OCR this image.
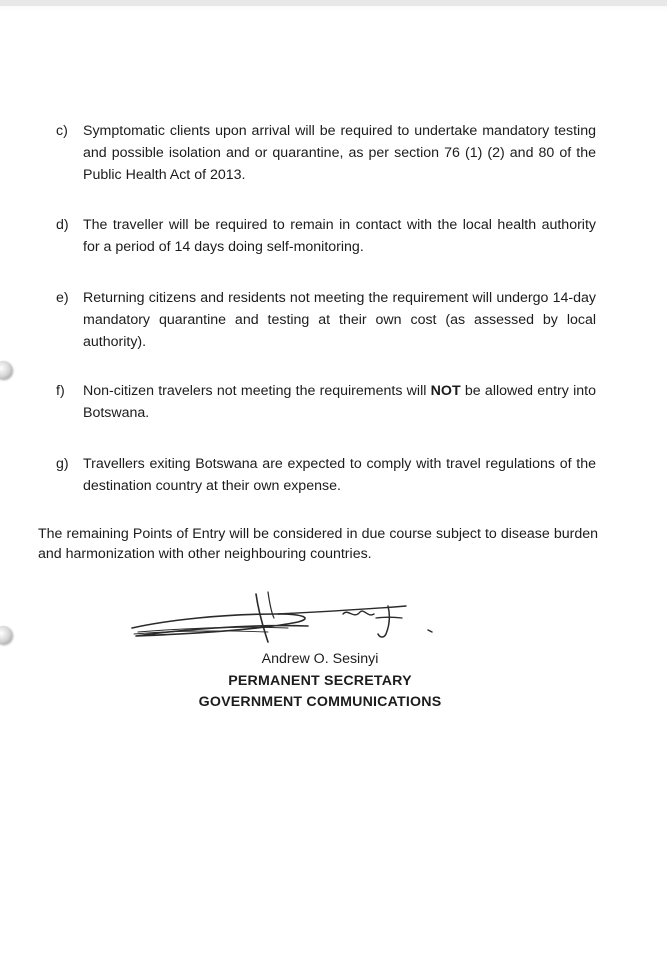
c)	Symptomatic clients upon arrival will be required to undertake mandatory testing and possible isolation and or quarantine, as per section 76 (1) (2) and 80 of the Public Health Act of 2013.
d)	The traveller will be required to remain in contact with the local health authority for a period of 14 days doing self-monitoring.
e)	Returning citizens and residents not meeting the requirement will undergo 14-day mandatory quarantine and testing at their own cost (as assessed by local authority).
f)	Non-citizen travelers not meeting the requirements will NOT be allowed entry into Botswana.
g)	Travellers exiting Botswana are expected to comply with travel regulations of the destination country at their own expense.
The remaining Points of Entry will be considered in due course subject to disease burden and harmonization with other neighbouring countries.
Andrew O. Sesinyi
PERMANENT SECRETARY
GOVERNMENT COMMUNICATIONS
